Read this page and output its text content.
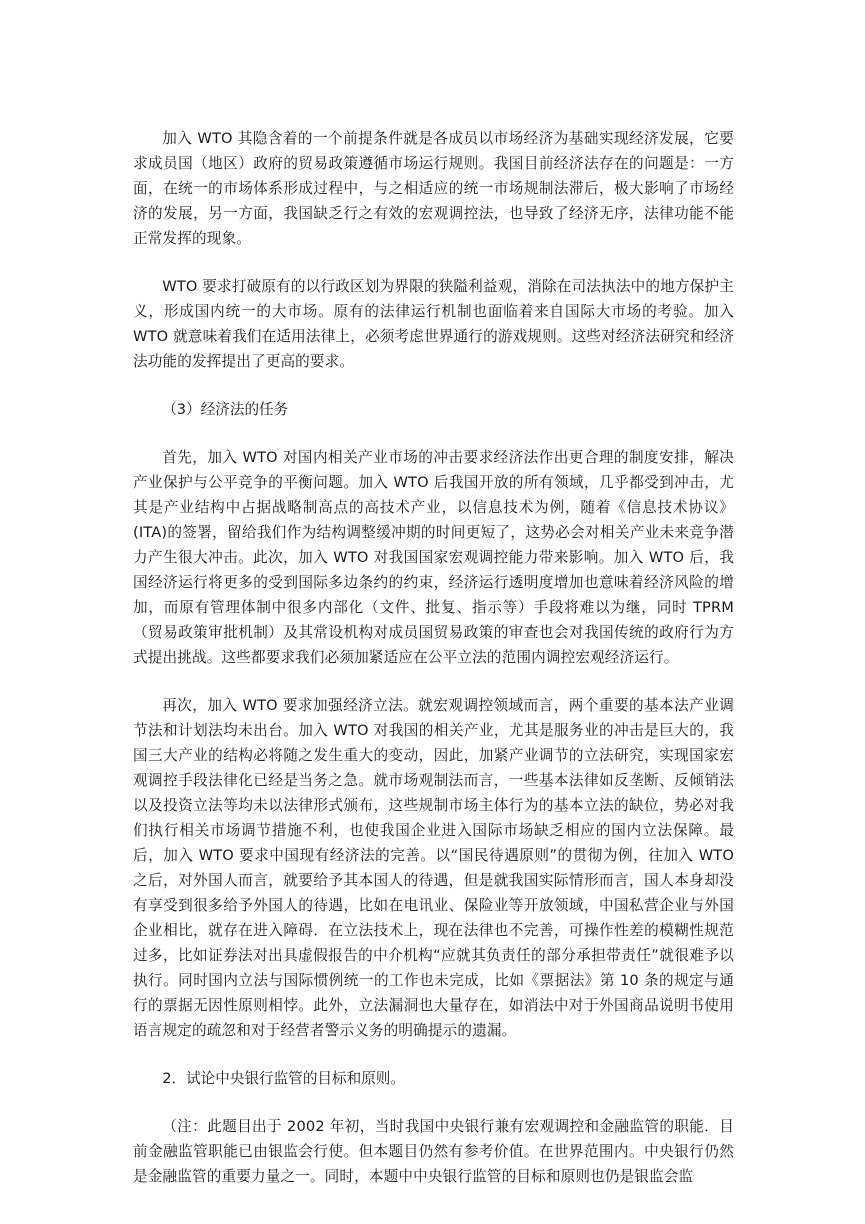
加入 WTO 其隐含着的一个前提条件就是各成员以市场经济为基础实现经济发展，它要求成员国（地区）政府的贸易政策遵循市场运行规则。我国目前经济法存在的问题是：一方面，在统一的市场体系形成过程中，与之相适应的统一市场规制法滞后，极大影响了市场经济的发展，另一方面，我国缺乏行之有效的宏观调控法，也导致了经济无序，法律功能不能正常发挥的现象。

WTO 要求打破原有的以行政区划为界限的狭隘利益观，消除在司法执法中的地方保护主义，形成国内统一的大市场。原有的法律运行机制也面临着来自国际大市场的考验。加入 WTO 就意味着我们在适用法律上，必须考虑世界通行的游戏规则。这些对经济法研究和经济法功能的发挥提出了更高的要求。

（3）经济法的任务

首先，加入 WTO 对国内相关产业市场的冲击要求经济法作出更合理的制度安排，解决产业保护与公平竞争的平衡问题。加入 WTO 后我国开放的所有领域，几乎都受到冲击，尤其是产业结构中占据战略制高点的高技术产业，以信息技术为例，随着《信息技术协议》(ITA)的签署，留给我们作为结构调整缓冲期的时间更短了，这势必会对相关产业未来竞争潜力产生很大冲击。此次，加入 WTO 对我国国家宏观调控能力带来影响。加入 WTO 后，我国经济运行将更多的受到国际多边条约的约束，经济运行透明度增加也意味着经济风险的增加，而原有管理体制中很多内部化（文件、批复、指示等）手段将难以为继，同时 TPRM（贸易政策审批机制）及其常设机构对成员国贸易政策的审查也会对我国传统的政府行为方式提出挑战。这些都要求我们必须加紧适应在公平立法的范围内调控宏观经济运行。

再次，加入 WTO 要求加强经济立法。就宏观调控领域而言，两个重要的基本法产业调节法和计划法均未出台。加入 WTO 对我国的相关产业，尤其是服务业的冲击是巨大的，我国三大产业的结构必将随之发生重大的变动，因此，加紧产业调节的立法研究，实现国家宏观调控手段法律化已经是当务之急。就市场观制法而言，一些基本法律如反垄断、反倾销法以及投资立法等均未以法律形式颁布，这些规制市场主体行为的基本立法的缺位，势必对我们执行相关市场调节措施不利，也使我国企业进入国际市场缺乏相应的国内立法保障。最后，加入 WTO 要求中国现有经济法的完善。以“国民待遇原则”的贯彻为例，往加入 WTO 之后，对外国人而言，就要给予其本国人的待遇，但是就我国实际情形而言，国人本身却没有享受到很多给予外国人的待遇，比如在电讯业、保险业等开放领域，中国私营企业与外国企业相比，就存在进入障碍．在立法技术上，现在法律也不完善，可操作性差的模糊性规范过多，比如证券法对出具虚假报告的中介机构“应就其负责任的部分承担带责任”就很难予以执行。同时国内立法与国际惯例统一的工作也未完成，比如《票据法》第 10 条的规定与通行的票据无因性原则相悖。此外，立法漏洞也大量存在，如消法中对于外国商品说明书使用语言规定的疏忽和对于经营者警示义务的明确提示的遗漏。

2．试论中央银行监管的目标和原则。

（注：此题目出于 2002 年初，当时我国中央银行兼有宏观调控和金融监管的职能．目前金融监管职能已由银监会行使。但本题目仍然有参考价值。在世界范围内。中央银行仍然是金融监管的重要力量之一。同时，本题中中央银行监管的目标和原则也仍是银监会监
